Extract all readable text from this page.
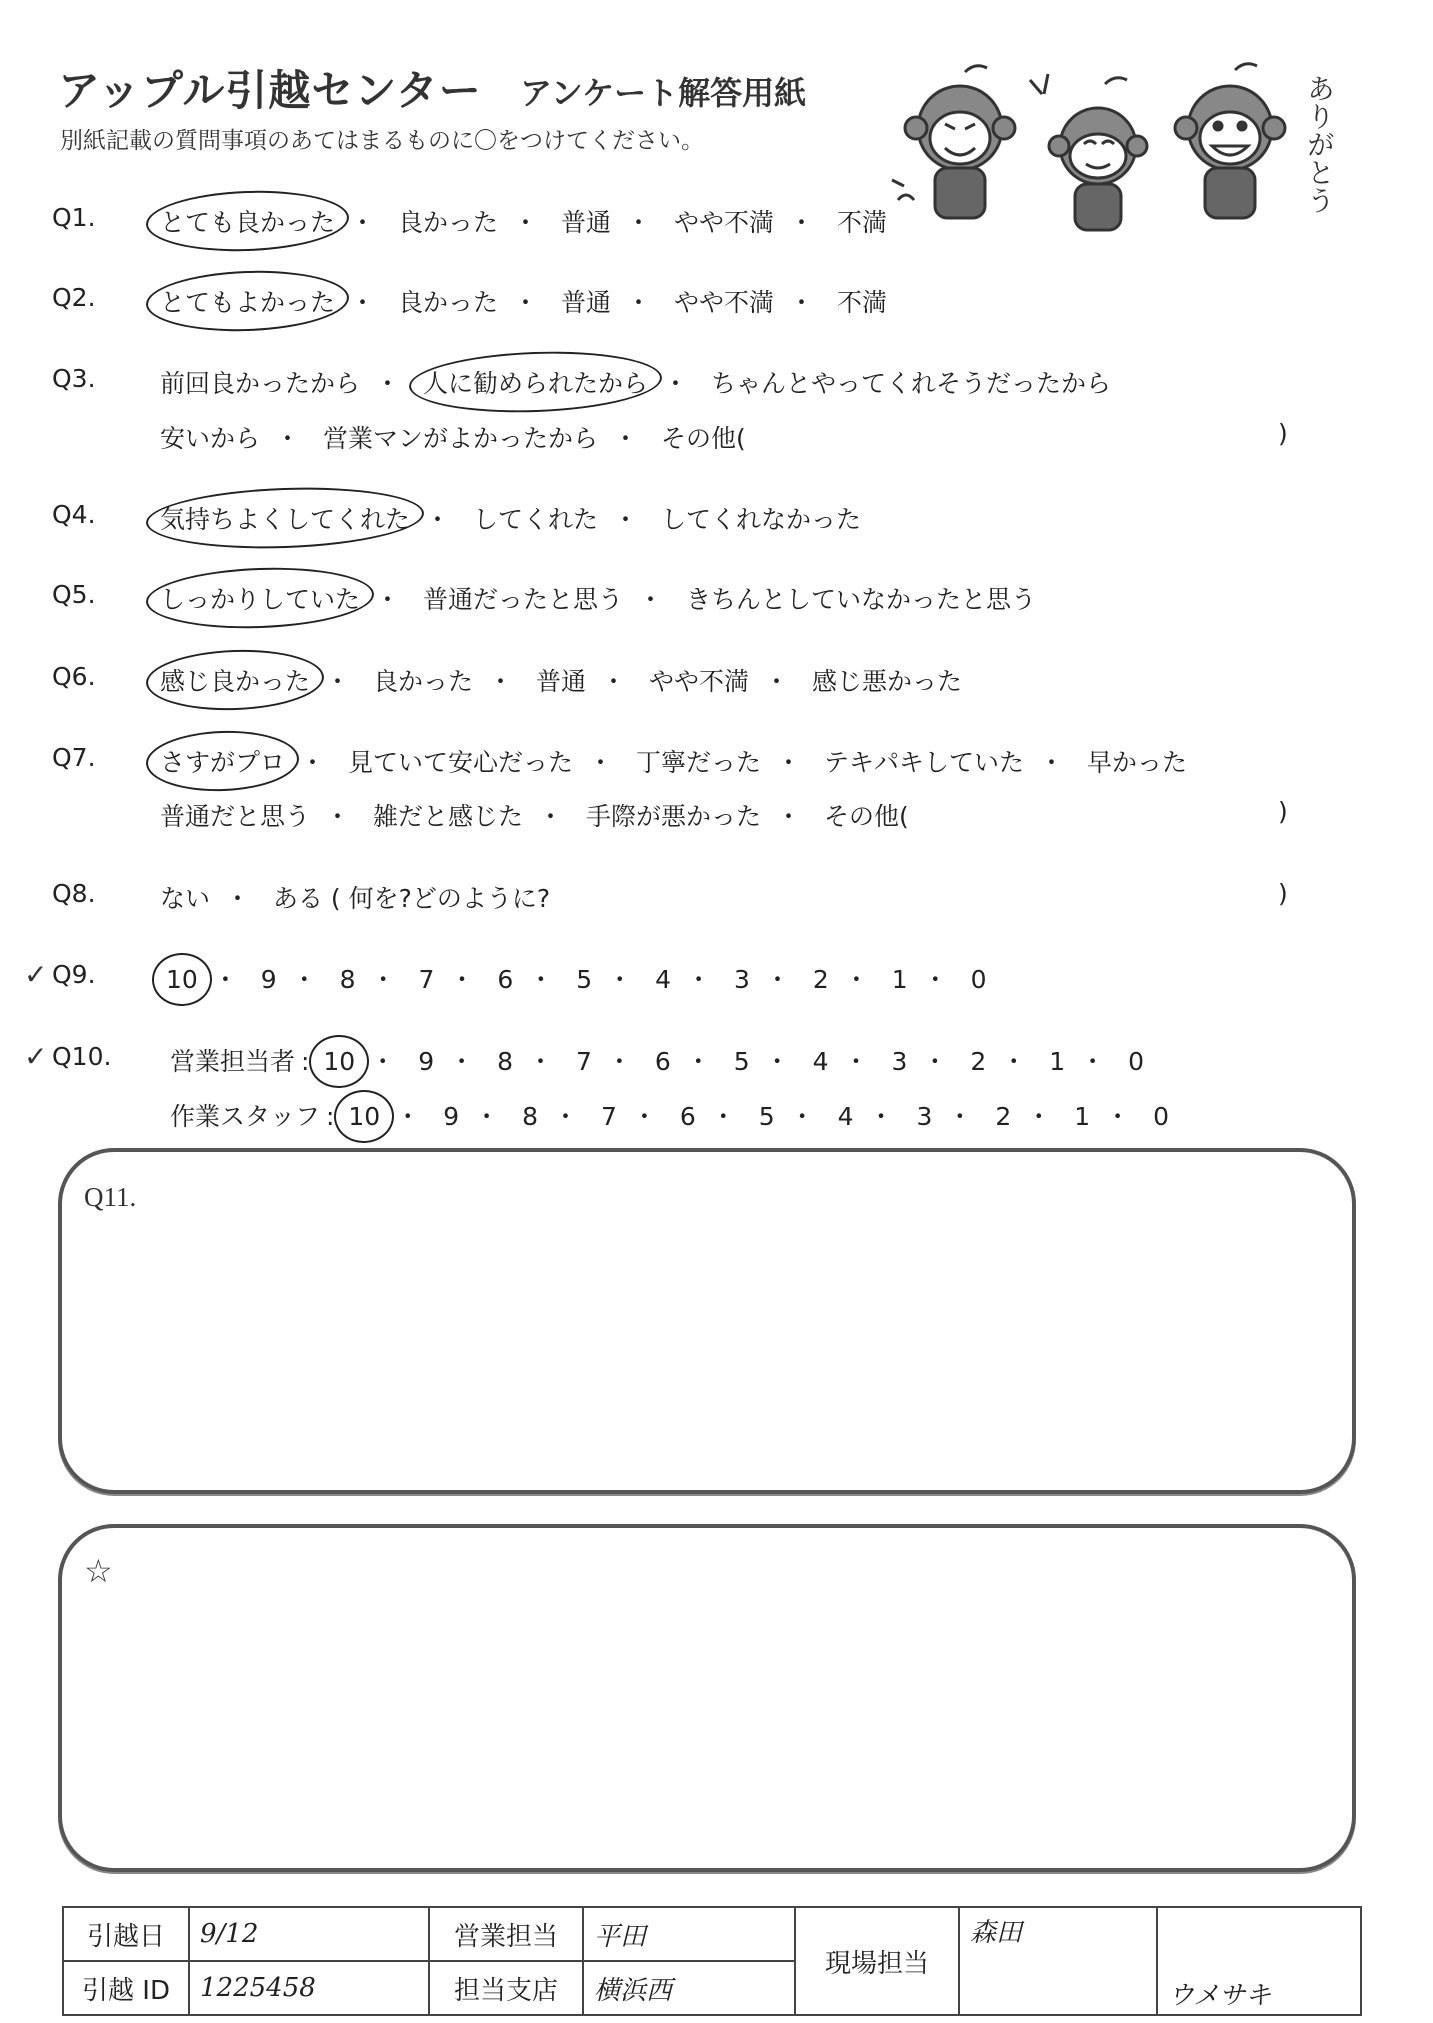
アップル引越センター アンケート解答用紙
別紙記載の質問事項のあてはまるものに〇をつけてください。	ありがとう
Q1.	とても良かった ・ 良かった ・ 普通 ・ やや不満 ・ 不満
Q2.	とてもよかった ・ 良かった ・ 普通 ・ やや不満 ・ 不満
Q3.	前回良かったから ・ 人に勧められたから ・ ちゃんとやってくれそうだったから
安いから ・ 営業マンがよかったから ・ その他(	)
Q4.	気持ちよくしてくれた ・ してくれた ・ してくれなかった
Q5.	しっかりしていた ・ 普通だったと思う ・ きちんとしていなかったと思う
Q6.	感じ良かった ・ 良かった ・ 普通 ・ やや不満 ・ 感じ悪かった
Q7.	さすがプロ ・ 見ていて安心だった ・ 丁寧だった ・ テキパキしていた ・ 早かった
普通だと思う ・ 雑だと感じた ・ 手際が悪かった ・ その他(	)
Q8.	ない ・ ある ( 何を?どのように?	)
✓ Q9.	10 ・ 9 ・ 8 ・ 7 ・ 6 ・ 5 ・ 4 ・ 3 ・ 2 ・ 1 ・ 0
✓ Q10. 営業担当者 : 10 ・ 9 ・ 8 ・ 7 ・ 6 ・ 5 ・ 4 ・ 3 ・ 2 ・ 1 ・ 0
作業スタッフ : 10 ・ 9 ・ 8 ・ 7 ・ 6 ・ 5 ・ 4 ・ 3 ・ 2 ・ 1 ・ 0
Q11.
☆
引越日	9/12	営業担当	平田	現場担当	森田	ウメサキ
引越 ID	1225458	担当支店	横浜西			
